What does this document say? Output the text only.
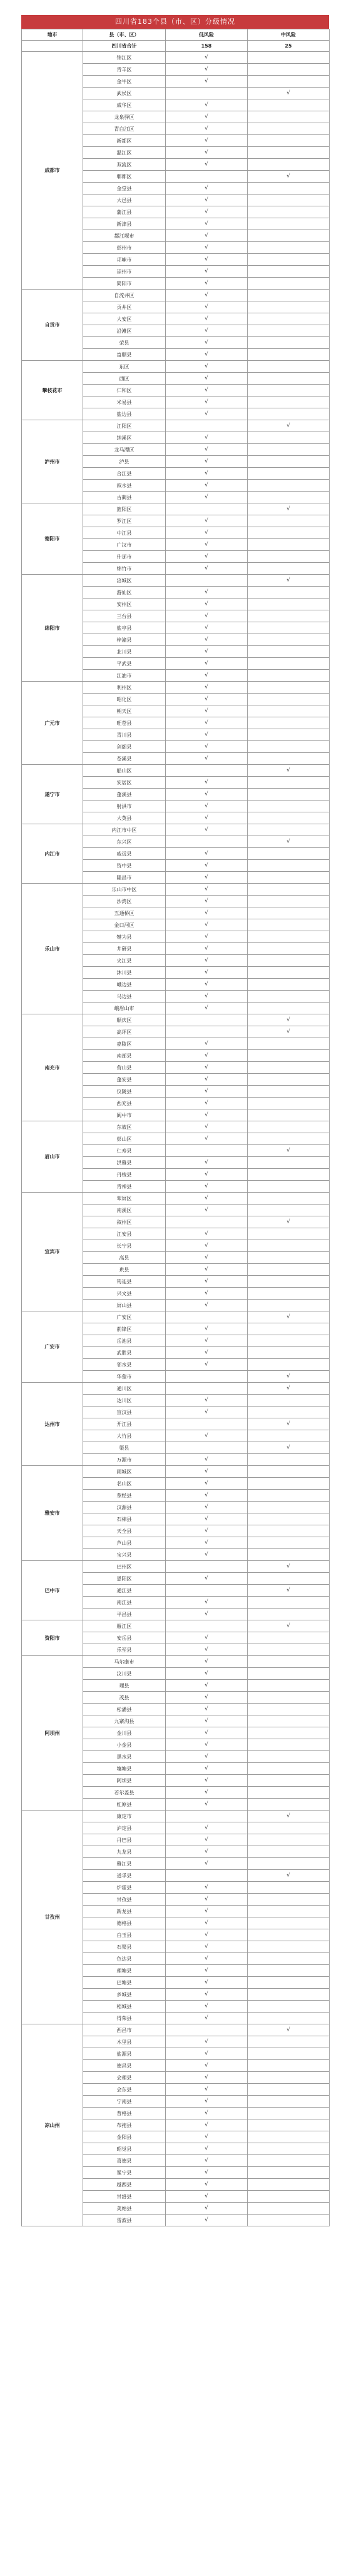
四川省183个县（市、区）分级情况
地市	县（市、区）	低风险	中风险
	四川省合计	158	25
成都市	锦江区	√	
	青羊区	√	
	金牛区	√	
	武侯区		√
	成华区	√	
	龙泉驿区	√	
	青白江区	√	
	新都区	√	
	温江区	√	
	双流区	√	
	郫都区		√
	金堂县	√	
	大邑县	√	
	蒲江县	√	
	新津县	√	
	都江堰市	√	
	彭州市	√	
	邛崃市	√	
	崇州市	√	
	简阳市	√	
自贡市	自流井区	√	
	贡井区	√	
	大安区	√	
	沿滩区	√	
	荣县	√	
	富顺县	√	
攀枝花市	东区	√	
	西区	√	
	仁和区	√	
	米易县	√	
	盐边县	√	
泸州市	江阳区		√
	纳溪区	√	
	龙马潭区	√	
	泸县	√	
	合江县	√	
	叙永县	√	
	古蔺县	√	
德阳市	旌阳区		√
	罗江区	√	
	中江县	√	
	广汉市	√	
	什邡市	√	
	绵竹市	√	
绵阳市	涪城区		√
	游仙区	√	
	安州区	√	
	三台县	√	
	盐亭县	√	
	梓潼县	√	
	北川县	√	
	平武县	√	
	江油市	√	
广元市	利州区	√	
	昭化区	√	
	朝天区	√	
	旺苍县	√	
	青川县	√	
	剑阁县	√	
	苍溪县	√	
遂宁市	船山区		√
	安居区	√	
	蓬溪县	√	
	射洪市	√	
	大英县	√	
内江市	内江市中区	√	
	东兴区		√
	威远县	√	
	资中县	√	
	隆昌市	√	
乐山市	乐山市中区	√	
	沙湾区	√	
	五通桥区	√	
	金口河区	√	
	犍为县	√	
	井研县	√	
	夹江县	√	
	沐川县	√	
	峨边县	√	
	马边县	√	
	峨眉山市	√	
南充市	顺庆区		√
	高坪区		√
	嘉陵区	√	
	南部县	√	
	营山县	√	
	蓬安县	√	
	仪陇县	√	
	西充县	√	
	阆中市	√	
眉山市	东坡区	√	
	彭山区	√	
	仁寿县		√
	洪雅县	√	
	丹棱县	√	
	青神县	√	
宜宾市	翠屏区	√	
	南溪区	√	
	叙州区		√
	江安县	√	
	长宁县	√	
	高县	√	
	珙县	√	
	筠连县	√	
	兴文县	√	
	屏山县	√	
广安市	广安区		√
	前锋区	√	
	岳池县	√	
	武胜县	√	
	邻水县	√	
	华蓥市		√
达州市	通川区		√
	达川区	√	
	宣汉县	√	
	开江县		√
	大竹县	√	
	渠县		√
	万源市	√	
雅安市	雨城区	√	
	名山区	√	
	荥经县	√	
	汉源县	√	
	石棉县	√	
	天全县	√	
	芦山县	√	
	宝兴县	√	
巴中市	巴州区		√
	恩阳区	√	
	通江县		√
	南江县	√	
	平昌县	√	
资阳市	雁江区		√
	安岳县	√	
	乐至县	√	
阿坝州	马尔康市	√	
	汶川县	√	
	理县	√	
	茂县	√	
	松潘县	√	
	九寨沟县	√	
	金川县	√	
	小金县	√	
	黑水县	√	
	壤塘县	√	
	阿坝县	√	
	若尔盖县	√	
	红原县	√	
甘孜州	康定市		√
	泸定县	√	
	丹巴县	√	
	九龙县	√	
	雅江县	√	
	道孚县		√
	炉霍县	√	
	甘孜县	√	
	新龙县	√	
	德格县	√	
	白玉县	√	
	石渠县	√	
	色达县	√	
	理塘县	√	
	巴塘县	√	
	乡城县	√	
	稻城县	√	
	得荣县	√	
凉山州	西昌市		√
	木里县	√	
	盐源县	√	
	德昌县	√	
	会理县	√	
	会东县	√	
	宁南县	√	
	普格县	√	
	布拖县	√	
	金阳县	√	
	昭觉县	√	
	喜德县	√	
	冕宁县	√	
	越西县	√	
	甘洛县	√	
	美姑县	√	
	雷波县	√	
